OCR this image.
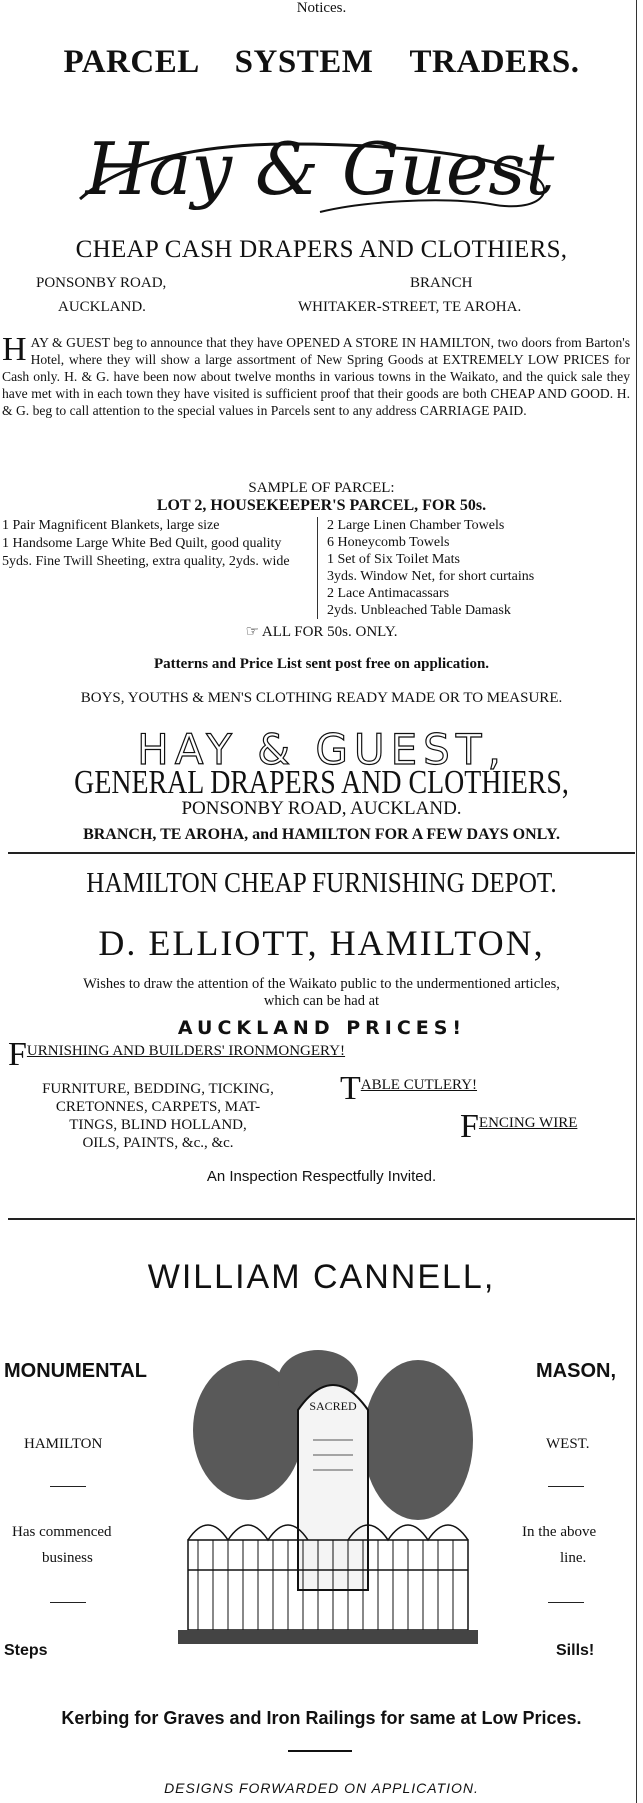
Notices.
PARCEL SYSTEM TRADERS.
Hay & Guest
CHEAP CASH DRAPERS AND CLOTHIERS,
PONSONBY ROAD,
AUCKLAND.
BRANCH
WHITAKER-STREET, TE AROHA.
HAY & GUEST beg to announce that they have OPENED A STORE IN HAMILTON, two doors from Barton's Hotel, where they will show a large assortment of New Spring Goods at EXTREMELY LOW PRICES for Cash only. H. & G. have been now about twelve months in various towns in the Waikato, and the quick sale they have met with in each town they have visited is sufficient proof that their goods are both CHEAP AND GOOD. H. & G. beg to call attention to the special values in Parcels sent to any address CARRIAGE PAID.
SAMPLE OF PARCEL:
LOT 2, HOUSEKEEPER'S PARCEL, FOR 50s.
1 Pair Magnificent Blankets, large size
1 Handsome Large White Bed Quilt, good quality
5yds. Fine Twill Sheeting, extra quality, 2yds. wide
2 Large Linen Chamber Towels
6 Honeycomb Towels
1 Set of Six Toilet Mats
3yds. Window Net, for short curtains
2 Lace Antimacassars
2yds. Unbleached Table Damask
☞ ALL FOR 50s. ONLY.
Patterns and Price List sent post free on application.
BOYS, YOUTHS & MEN'S CLOTHING READY MADE OR TO MEASURE.
HAY & GUEST,
GENERAL DRAPERS AND CLOTHIERS,
PONSONBY ROAD, AUCKLAND.
BRANCH, TE AROHA, and HAMILTON FOR A FEW DAYS ONLY.
HAMILTON CHEAP FURNISHING DEPOT.
D. ELLIOTT, HAMILTON,
Wishes to draw the attention of the Waikato public to the undermentioned articles,
which can be had at
AUCKLAND PRICES!
FURNISHING AND BUILDERS' IRONMONGERY!
FURNITURE, BEDDING, TICKING,
CRETONNES, CARPETS, MAT-
TINGS, BLIND HOLLAND,
OILS, PAINTS, &c., &c.
TABLE CUTLERY!
FENCING WIRE
An Inspection Respectfully Invited.
WILLIAM CANNELL,
MONUMENTAL	MASON,
HAMILTON	WEST.
Has commenced
business
In the above
line.
Steps	Sills!
SACRED
Kerbing for Graves and Iron Railings for same at Low Prices.
DESIGNS FORWARDED ON APPLICATION.
